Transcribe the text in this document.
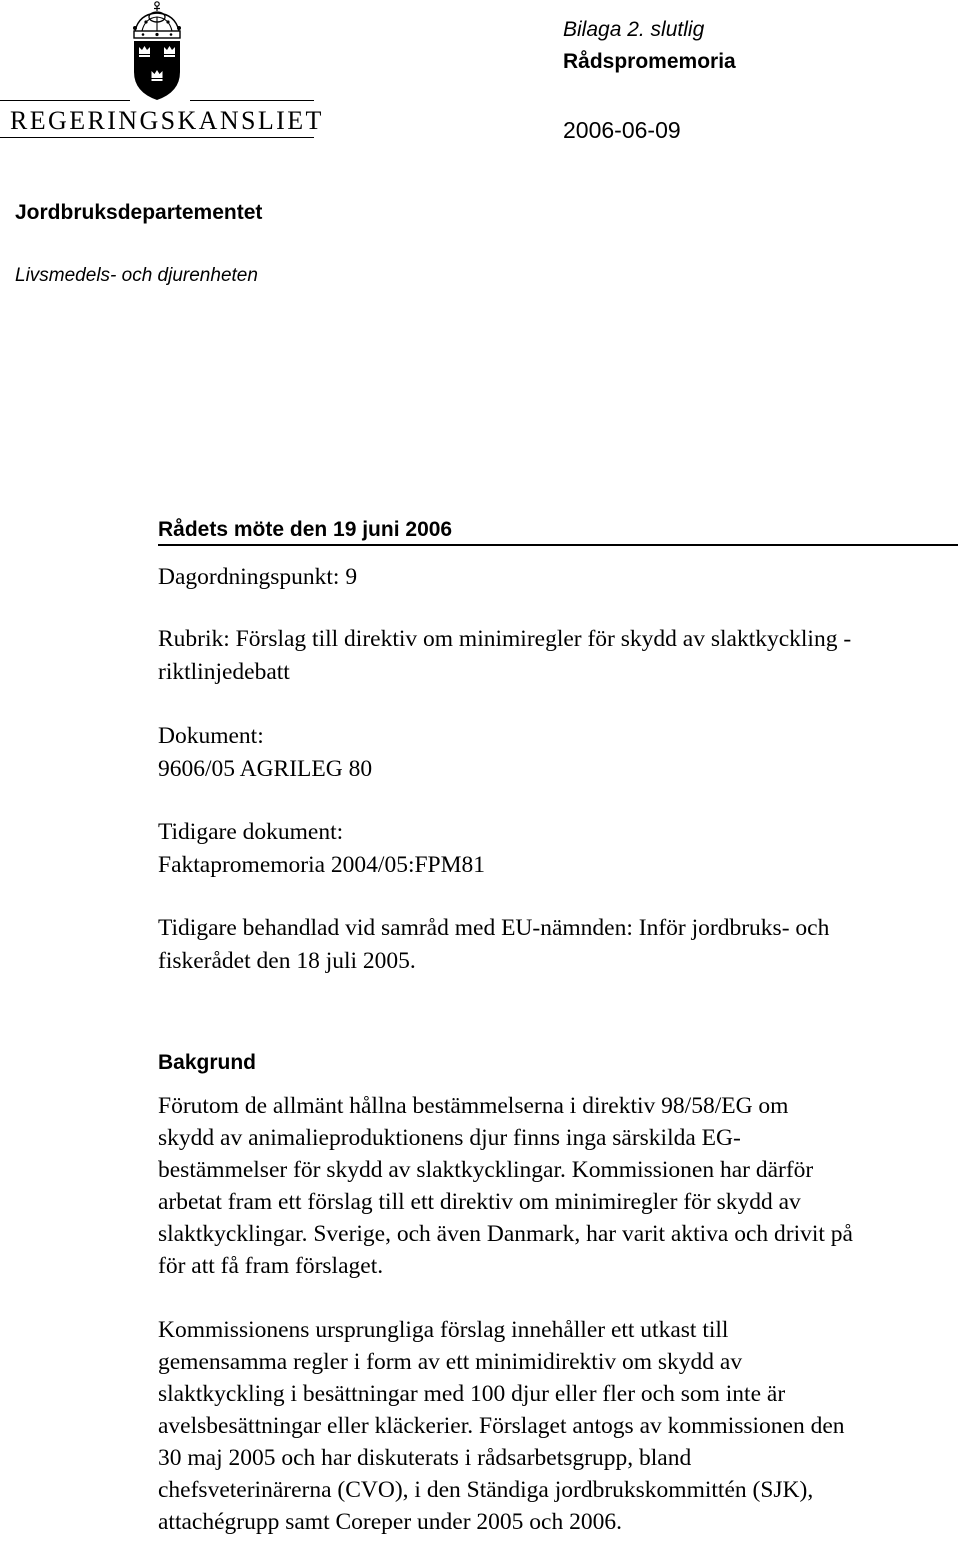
REGERINGSKANSLIET

Bilaga 2. slutlig

Rådspromemoria

2006-06-09

Jordbruksdepartementet

Livsmedels- och djurenheten

Rådets möte den 19 juni 2006

Dagordningspunkt: 9

Rubrik: Förslag till direktiv om minimiregler för skydd av slaktkyckling -

riktlinjedebatt

Dokument:

9606/05 AGRILEG 80

Tidigare dokument:

Faktapromemoria 2004/05:FPM81

Tidigare behandlad vid samråd med EU-nämnden: Inför jordbruks- och

fiskerådet den 18 juli 2005.

Bakgrund

Förutom de allmänt hållna bestämmelserna i direktiv 98/58/EG om

skydd av animalieproduktionens djur finns inga särskilda EG-

bestämmelser för skydd av slaktkycklingar. Kommissionen har därför

arbetat fram ett förslag till ett direktiv om minimiregler för skydd av

slaktkycklingar. Sverige, och även Danmark, har varit aktiva och drivit på

för att få fram förslaget.

Kommissionens ursprungliga förslag innehåller ett utkast till

gemensamma regler i form av ett minimidirektiv om skydd av

slaktkyckling i besättningar med 100 djur eller fler och som inte är

avelsbesättningar eller kläckerier. Förslaget antogs av kommissionen den

30 maj 2005 och har diskuterats i rådsarbetsgrupp, bland

chefsveterinärerna (CVO), i den Ständiga jordbrukskommittén (SJK),

attachégrupp samt Coreper under 2005 och 2006.
